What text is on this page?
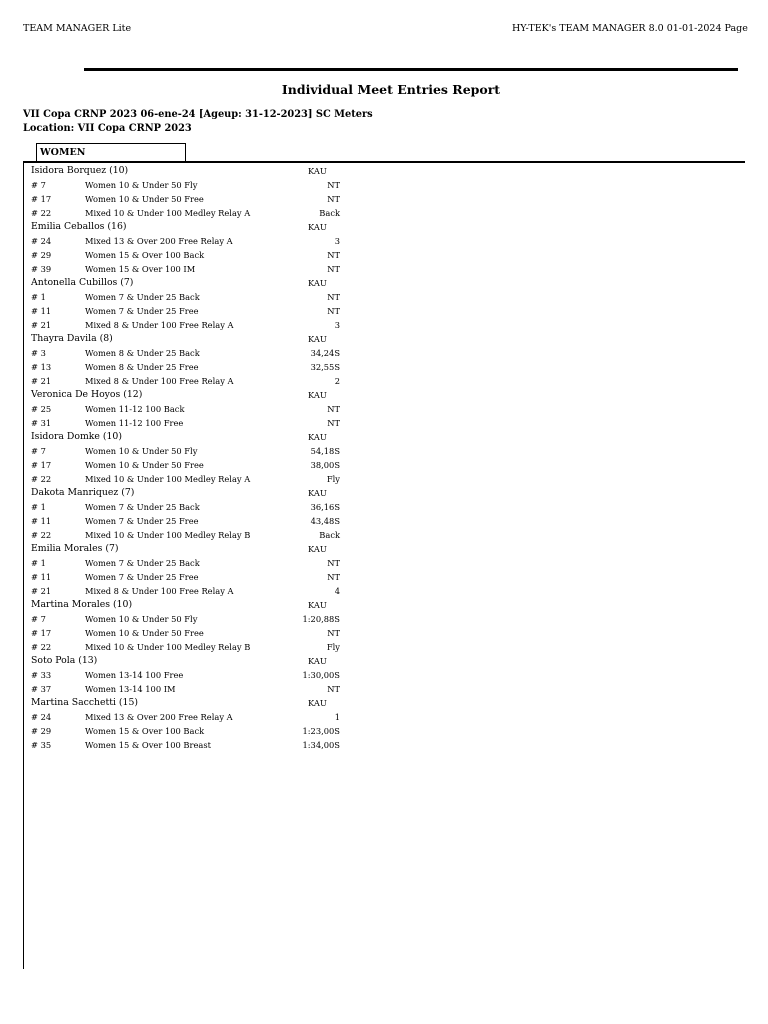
TEAM MANAGER Lite	HY-TEK's TEAM MANAGER 8.0 01-01-2024 Page
Individual Meet Entries Report
VII Copa CRNP 2023 06-ene-24 [Ageup: 31-12-2023] SC Meters
Location: VII Copa CRNP 2023
WOMEN
Isidora Borquez (10)	KAU
# 7	Women 10 & Under 50 Fly	NT
# 17	Women 10 & Under 50 Free	NT
# 22	Mixed 10 & Under 100 Medley Relay A	Back
Emilia Ceballos (16)	KAU
# 24	Mixed 13 & Over 200 Free Relay A	3
# 29	Women 15 & Over 100 Back	NT
# 39	Women 15 & Over 100 IM	NT
Antonella Cubillos (7)	KAU
# 1	Women 7 & Under 25 Back	NT
# 11	Women 7 & Under 25 Free	NT
# 21	Mixed 8 & Under 100 Free Relay A	3
Thayra Davila (8)	KAU
# 3	Women 8 & Under 25 Back	34,24S
# 13	Women 8 & Under 25 Free	32,55S
# 21	Mixed 8 & Under 100 Free Relay A	2
Veronica De Hoyos (12)	KAU
# 25	Women 11-12 100 Back	NT
# 31	Women 11-12 100 Free	NT
Isidora Domke (10)	KAU
# 7	Women 10 & Under 50 Fly	54,18S
# 17	Women 10 & Under 50 Free	38,00S
# 22	Mixed 10 & Under 100 Medley Relay A	Fly
Dakota Manriquez (7)	KAU
# 1	Women 7 & Under 25 Back	36,16S
# 11	Women 7 & Under 25 Free	43,48S
# 22	Mixed 10 & Under 100 Medley Relay B	Back
Emilia Morales (7)	KAU
# 1	Women 7 & Under 25 Back	NT
# 11	Women 7 & Under 25 Free	NT
# 21	Mixed 8 & Under 100 Free Relay A	4
Martina Morales (10)	KAU
# 7	Women 10 & Under 50 Fly	1:20,88S
# 17	Women 10 & Under 50 Free	NT
# 22	Mixed 10 & Under 100 Medley Relay B	Fly
Soto Pola (13)	KAU
# 33	Women 13-14 100 Free	1:30,00S
# 37	Women 13-14 100 IM	NT
Martina Sacchetti (15)	KAU
# 24	Mixed 13 & Over 200 Free Relay A	1
# 29	Women 15 & Over 100 Back	1:23,00S
# 35	Women 15 & Over 100 Breast	1:34,00S
